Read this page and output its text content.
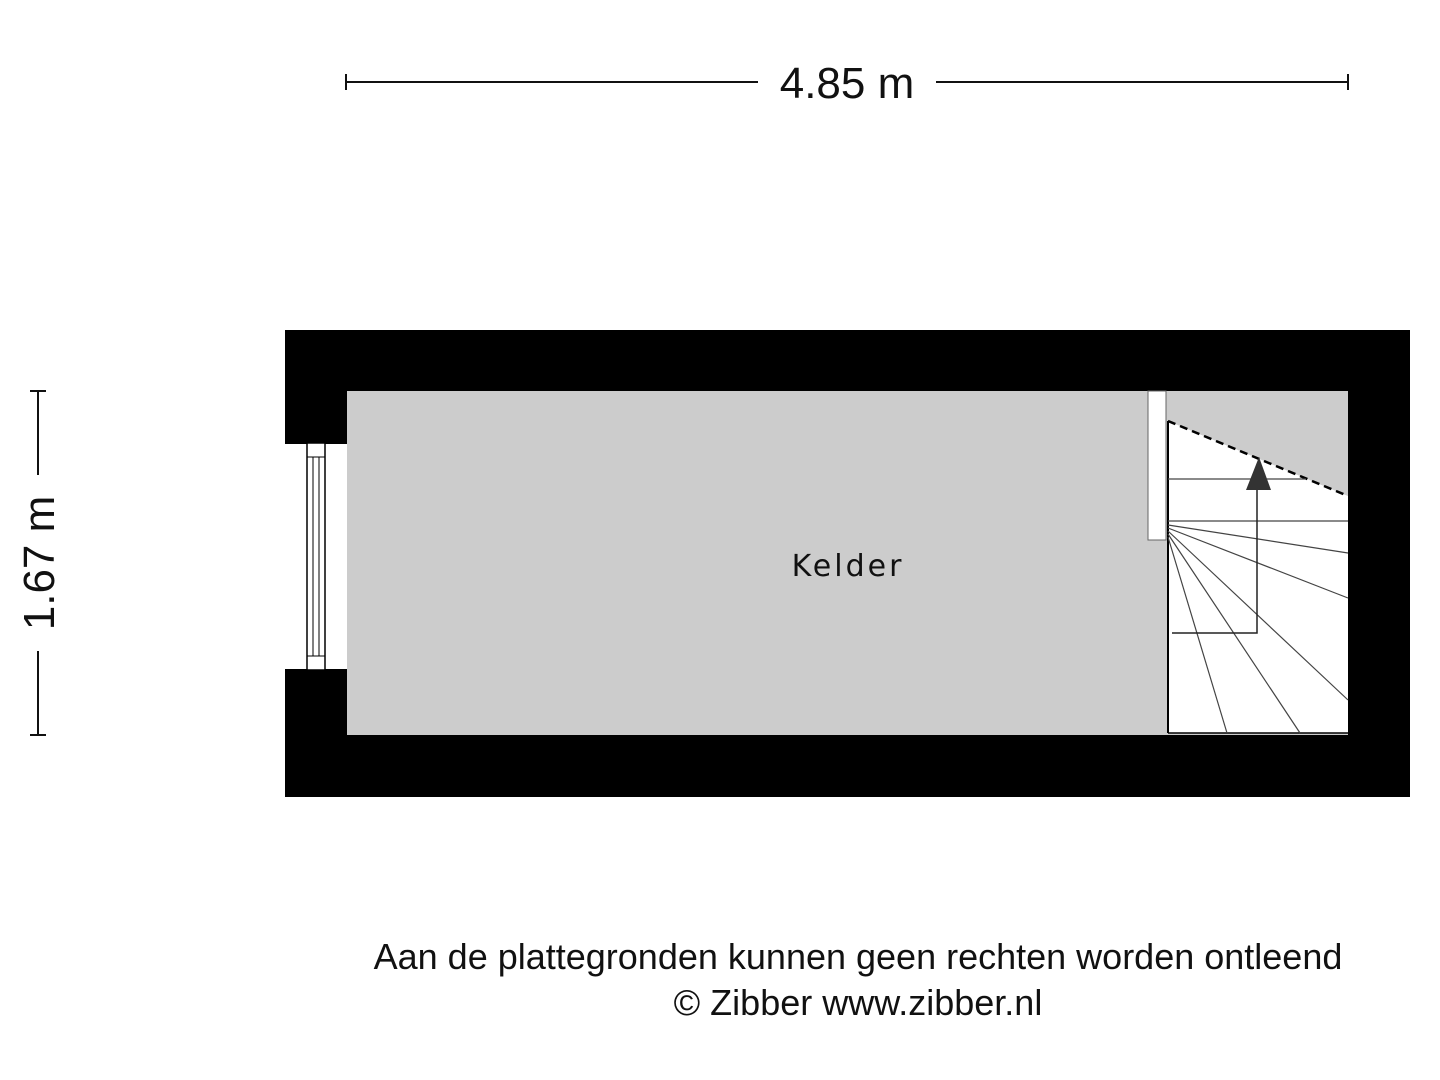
4.85 m
1.67 m	Kelder
Aan de plattegronden kunnen geen rechten worden ontleend
© Zibber www.zibber.nl
